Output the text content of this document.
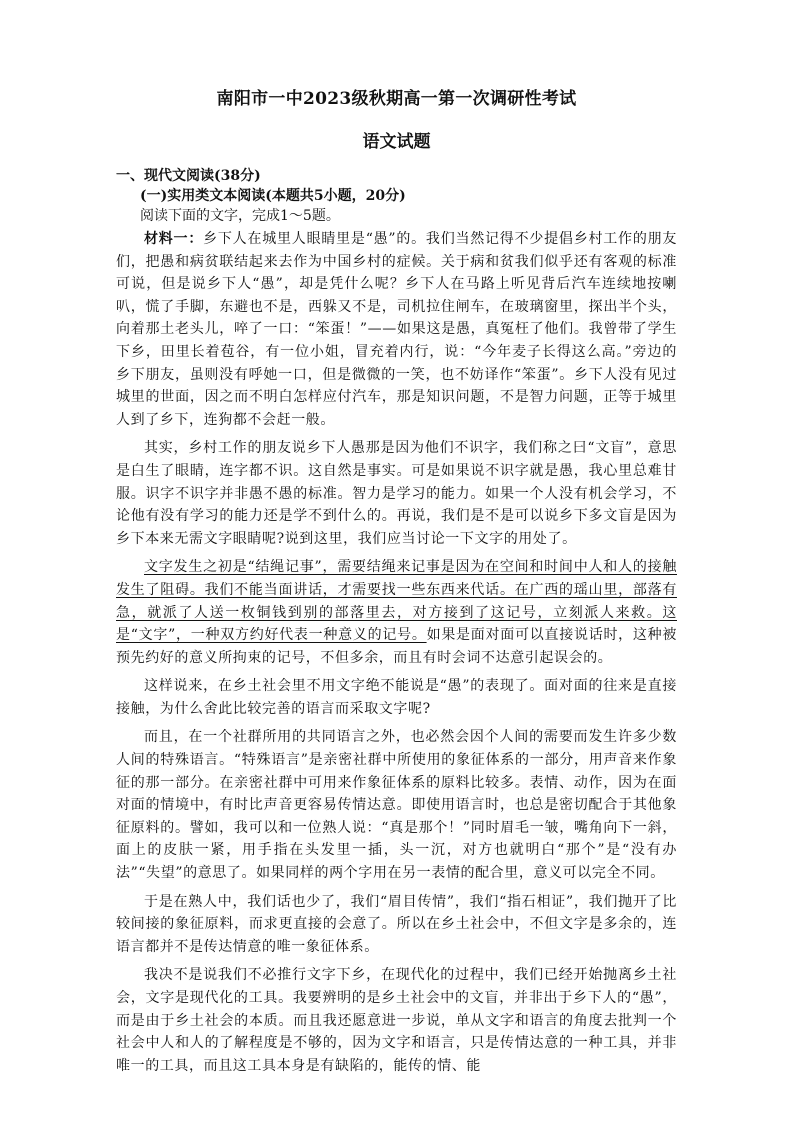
南阳市一中2023级秋期高一第一次调研性考试
语文试题
一、现代文阅读(38分)
(一)实用类文本阅读(本题共5小题，20分)
阅读下面的文字，完成1～5题。

材料一：乡下人在城里人眼睛里是“愚”的。我们当然记得不少提倡乡村工作的朋友们，把愚和病贫联结起来去作为中国乡村的症候。关于病和贫我们似乎还有客观的标准可说，但是说乡下人“愚”，却是凭什么呢？乡下人在马路上听见背后汽车连续地按喇叭，慌了手脚，东避也不是，西躲又不是，司机拉住闸车，在玻璃窗里，探出半个头，向着那土老头儿，啐了一口：“笨蛋！”——如果这是愚，真冤枉了他们。我曾带了学生下乡，田里长着苞谷，有一位小姐，冒充着内行，说：“今年麦子长得这么高。”旁边的乡下朋友，虽则没有呼她一口，但是微微的一笑，也不妨译作“笨蛋”。乡下人没有见过城里的世面，因之而不明白怎样应付汽车，那是知识问题，不是智力问题，正等于城里人到了乡下，连狗都不会赶一般。

其实，乡村工作的朋友说乡下人愚那是因为他们不识字，我们称之曰“文盲”，意思是白生了眼睛，连字都不识。这自然是事实。可是如果说不识字就是愚，我心里总难甘服。识字不识字并非愚不愚的标准。智力是学习的能力。如果一个人没有机会学习，不论他有没有学习的能力还是学不到什么的。再说，我们是不是可以说乡下多文盲是因为乡下本来无需文字眼睛呢?说到这里，我们应当讨论一下文字的用处了。

文字发生之初是“结绳记事”，需要结绳来记事是因为在空间和时间中人和人的接触发生了阻碍。我们不能当面讲话，才需要找一些东西来代话。在广西的瑶山里，部落有急，就派了人送一枚铜钱到别的部落里去，对方接到了这记号，立刻派人来救。这是“文字”，一种双方约好代表一种意义的记号。如果是面对面可以直接说话时，这种被预先约好的意义所拘束的记号，不但多余，而且有时会词不达意引起误会的。

这样说来，在乡土社会里不用文字绝不能说是“愚”的表现了。面对面的往来是直接接触，为什么舍此比较完善的语言而采取文字呢?

而且，在一个社群所用的共同语言之外，也必然会因个人间的需要而发生许多少数人间的特殊语言。“特殊语言”是亲密社群中所使用的象征体系的一部分，用声音来作象征的那一部分。在亲密社群中可用来作象征体系的原料比较多。表情、动作，因为在面对面的情境中，有时比声音更容易传情达意。即使用语言时，也总是密切配合于其他象征原料的。譬如，我可以和一位熟人说：“真是那个！”同时眉毛一皱，嘴角向下一斜，面上的皮肤一紧，用手指在头发里一插，头一沉，对方也就明白“那个”是“没有办法”“失望”的意思了。如果同样的两个字用在另一表情的配合里，意义可以完全不同。

于是在熟人中，我们话也少了，我们“眉目传情”，我们“指石相证”，我们抛开了比较间接的象征原料，而求更直接的会意了。所以在乡土社会中，不但文字是多余的，连语言都并不是传达情意的唯一象征体系。

我决不是说我们不必推行文字下乡，在现代化的过程中，我们已经开始抛离乡土社会，文字是现代化的工具。我要辨明的是乡土社会中的文盲，并非出于乡下人的“愚”，而是由于乡土社会的本质。而且我还愿意进一步说，单从文字和语言的角度去批判一个社会中人和人的了解程度是不够的，因为文字和语言，只是传情达意的一种工具，并非唯一的工具，而且这工具本身是有缺陷的，能传的情、能
